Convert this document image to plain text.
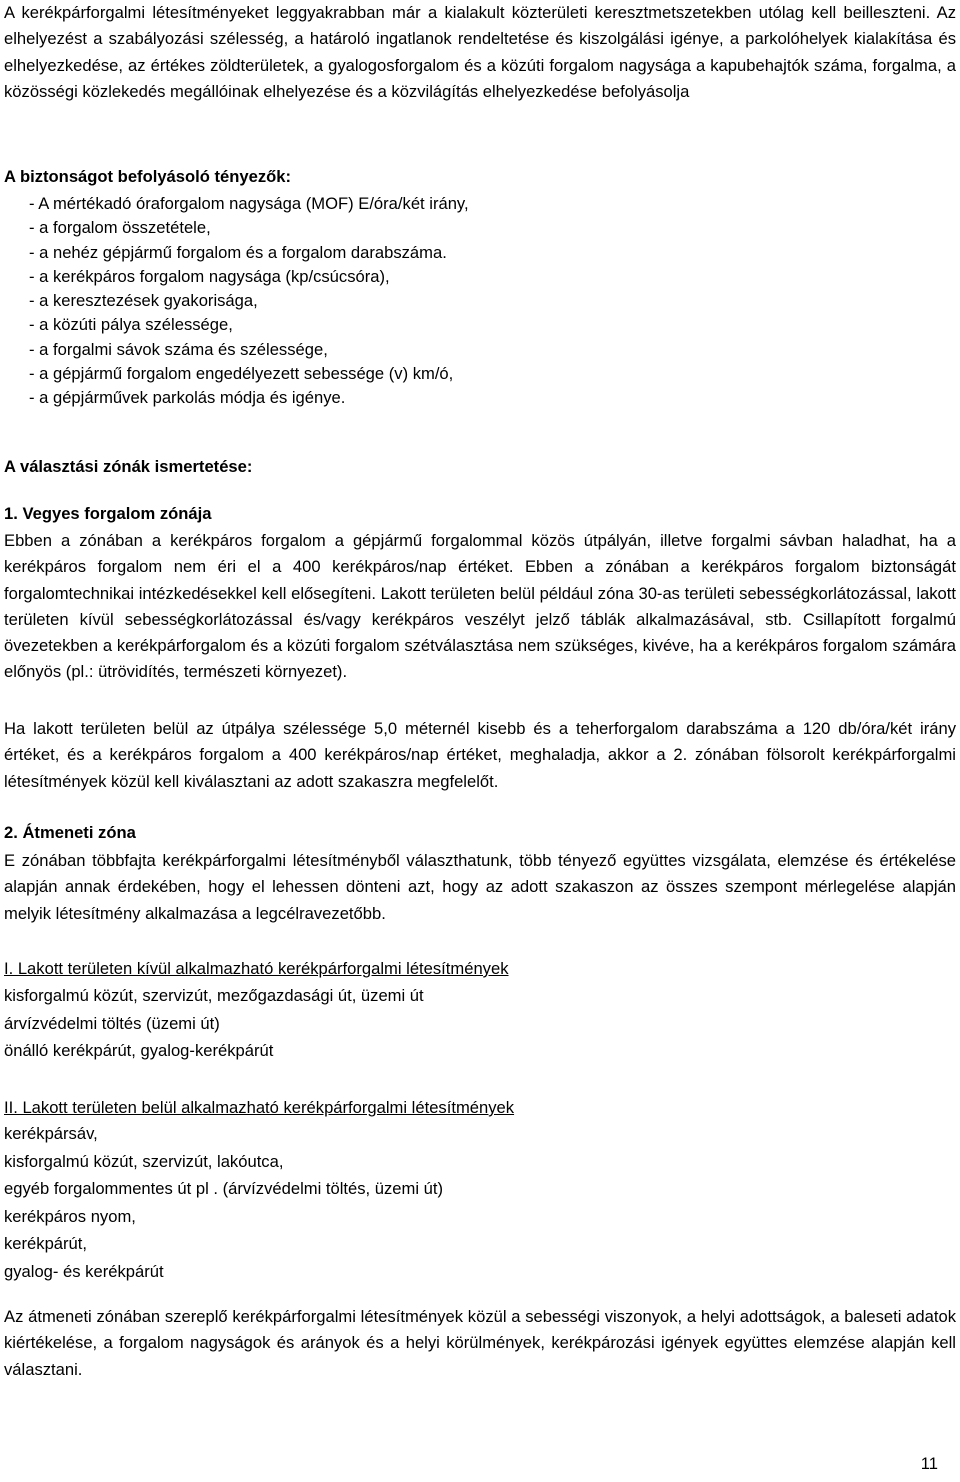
A kerékpárforgalmi létesítményeket leggyakrabban már a kialakult közterületi keresztmetszetekben utólag kell beilleszteni. Az elhelyezést a szabályozási szélesség, a határoló ingatlanok rendeltetése és kiszolgálási igénye, a parkolóhelyek kialakítása és elhelyezkedése, az értékes zöldterületek, a gyalogosforgalom és a közúti forgalom nagysága a kapubehajtók száma, forgalma, a közösségi közlekedés megállóinak elhelyezése és a közvilágítás elhelyezkedése befolyásolja

A biztonságot befolyásoló tényezők:
- A mértékadó óraforgalom nagysága (MOF) E/óra/két irány,
- a forgalom összetétele,
- a nehéz gépjármű forgalom és a forgalom darabszáma.
- a kerékpáros forgalom nagysága (kp/csúcsóra),
- a keresztezések gyakorisága,
- a közúti pálya szélessége,
- a forgalmi sávok száma és szélessége,
- a gépjármű forgalom engedélyezett sebessége (v) km/ó,
- a gépjárművek parkolás módja és igénye.
A választási zónák ismertetése:
1. Vegyes forgalom zónája

Ebben a zónában a kerékpáros forgalom a gépjármű forgalommal közös útpályán, illetve forgalmi sávban haladhat, ha a kerékpáros forgalom nem éri el a 400 kerékpáros/nap értéket. Ebben a zónában a kerékpáros forgalom biztonságát forgalomtechnikai intézkedésekkel kell elősegíteni. Lakott területen belül például zóna 30-as területi sebességkorlátozással, lakott területen kívül sebességkorlátozással és/vagy kerékpáros veszélyt jelző táblák alkalmazásával, stb. Csillapított forgalmú övezetekben a kerékpárforgalom és a közúti forgalom szétválasztása nem szükséges, kivéve, ha a kerékpáros forgalom számára előnyös (pl.: ütrövidítés, természeti környezet).

Ha lakott területen belül az útpálya szélessége 5,0 méternél kisebb és a teherforgalom darabszáma a 120 db/óra/két irány értéket, és a kerékpáros forgalom a 400 kerékpáros/nap értéket, meghaladja, akkor a 2. zónában fölsorolt kerékpárforgalmi létesítmények közül kell kiválasztani az adott szakaszra megfelelőt.

2. Átmeneti zóna

E zónában többfajta kerékpárforgalmi létesítményből választhatunk, több tényező együttes vizsgálata, elemzése és értékelése alapján annak érdekében, hogy el lehessen dönteni azt, hogy az adott szakaszon az összes szempont mérlegelése alapján melyik létesítmény alkalmazása a legcélravezetőbb.

I. Lakott területen kívül alkalmazható kerékpárforgalmi létesítmények
kisforgalmú közút, szervizút, mezőgazdasági út, üzemi út
árvízvédelmi töltés (üzemi út)
önálló kerékpárút, gyalog-kerékpárút
II. Lakott területen belül alkalmazható kerékpárforgalmi létesítmények
kerékpársáv,
kisforgalmú közút, szervizút, lakóutca,
egyéb forgalommentes út pl . (árvízvédelmi töltés, üzemi út)
kerékpáros nyom,
kerékpárút,
gyalog- és kerékpárút

Az átmeneti zónában szereplő kerékpárforgalmi létesítmények közül a sebességi viszonyok, a helyi adottságok, a baleseti adatok kiértékelése, a forgalom nagyságok és arányok és a helyi körülmények, kerékpározási igények együttes elemzése alapján kell választani.

11
